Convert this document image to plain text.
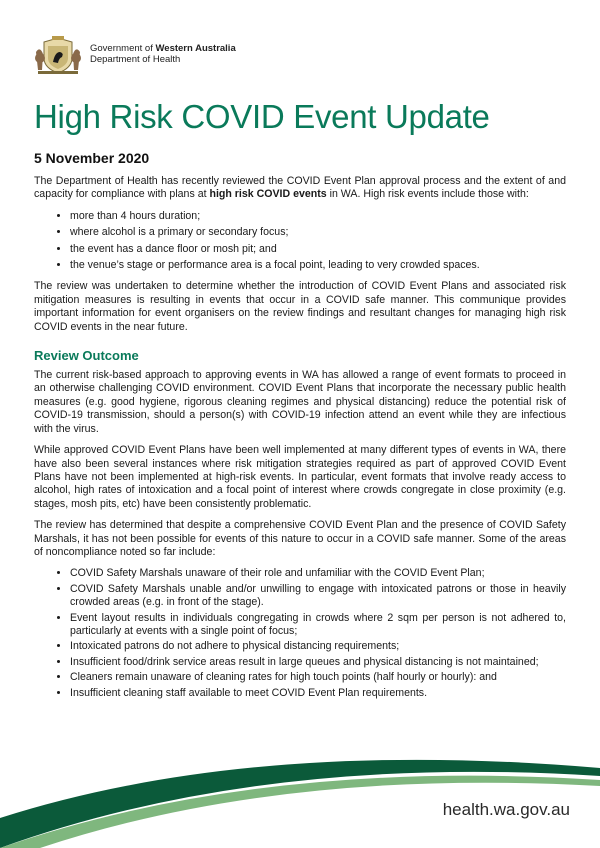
Government of Western Australia
Department of Health
High Risk COVID Event Update
5 November 2020

The Department of Health has recently reviewed the COVID Event Plan approval process and the extent of and capacity for compliance with plans at high risk COVID events in WA. High risk events include those with:

• more than 4 hours duration;
• where alcohol is a primary or secondary focus;
• the event has a dance floor or mosh pit; and
• the venue’s stage or performance area is a focal point, leading to very crowded spaces.

The review was undertaken to determine whether the introduction of COVID Event Plans and associated risk mitigation measures is resulting in events that occur in a COVID safe manner. This communique provides important information for event organisers on the review findings and resultant changes for managing high risk COVID events in the near future.

Review Outcome

The current risk-based approach to approving events in WA has allowed a range of event formats to proceed in an otherwise challenging COVID environment. COVID Event Plans that incorporate the necessary public health measures (e.g. good hygiene, rigorous cleaning regimes and physical distancing) reduce the potential risk of COVID-19 transmission, should a person(s) with COVID-19 infection attend an event while they are infectious with the virus.

While approved COVID Event Plans have been well implemented at many different types of events in WA, there have also been several instances where risk mitigation strategies required as part of approved COVID Event Plans have not been implemented at high-risk events. In particular, event formats that involve ready access to alcohol, high rates of intoxication and a focal point of interest where crowds congregate in close proximity (e.g. stages, mosh pits, etc) have been consistently problematic.

The review has determined that despite a comprehensive COVID Event Plan and the presence of COVID Safety Marshals, it has not been possible for events of this nature to occur in a COVID safe manner. Some of the areas of noncompliance noted so far include:

• COVID Safety Marshals unaware of their role and unfamiliar with the COVID Event Plan;
• COVID Safety Marshals unable and/or unwilling to engage with intoxicated patrons or those in heavily crowded areas (e.g. in front of the stage).
• Event layout results in individuals congregating in crowds where 2 sqm per person is not adhered to, particularly at events with a single point of focus;
• Intoxicated patrons do not adhere to physical distancing requirements;
• Insufficient food/drink service areas result in large queues and physical distancing is not maintained;
• Cleaners remain unaware of cleaning rates for high touch points (half hourly or hourly): and
• Insufficient cleaning staff available to meet COVID Event Plan requirements.
health.wa.gov.au
